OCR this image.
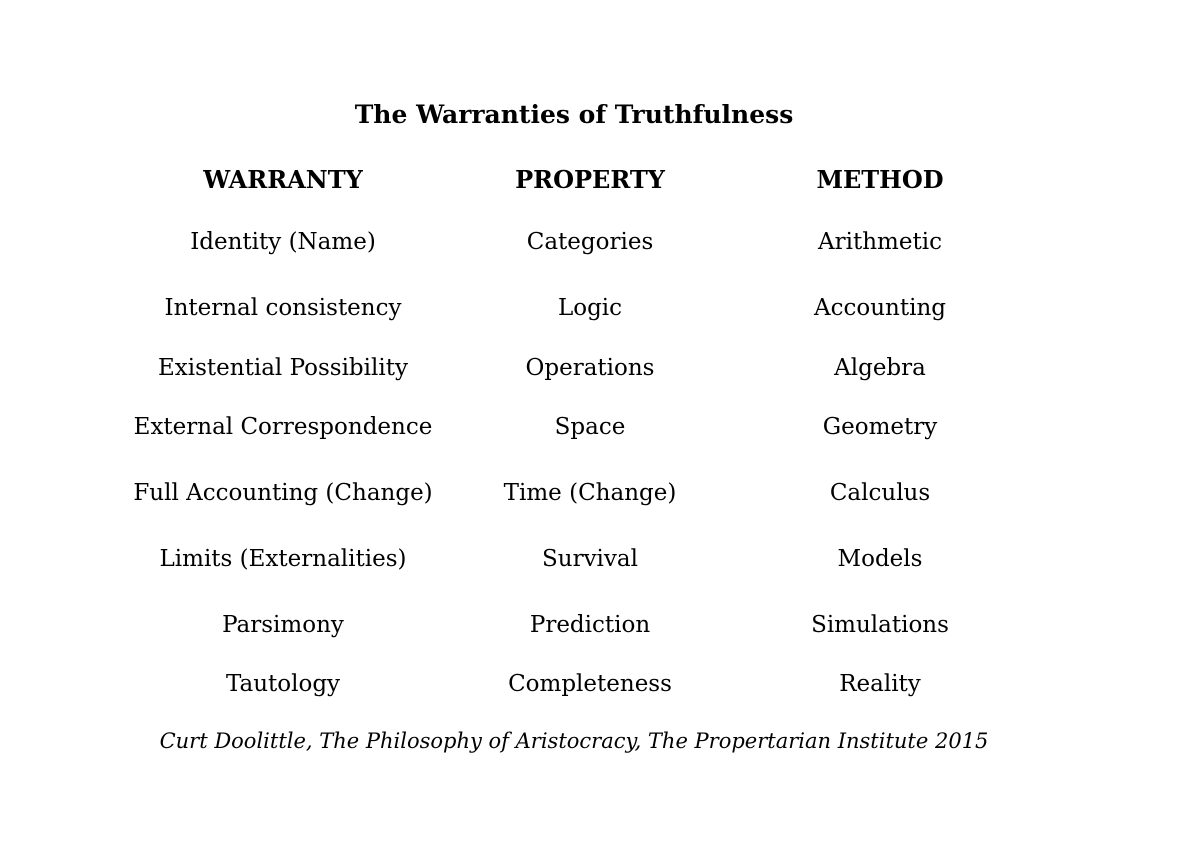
The Warranties of Truthfulness
WARRANTY	PROPERTY	METHOD
Identity (Name)	Categories	Arithmetic
Internal consistency	Logic	Accounting
Existential Possibility	Operations	Algebra
External Correspondence	Space	Geometry
Full Accounting (Change)	Time (Change)	Calculus
Limits (Externalities)	Survival	Models
Parsimony	Prediction	Simulations
Tautology	Completeness	Reality
Curt Doolittle, The Philosophy of Aristocracy, The Propertarian Institute 2015
